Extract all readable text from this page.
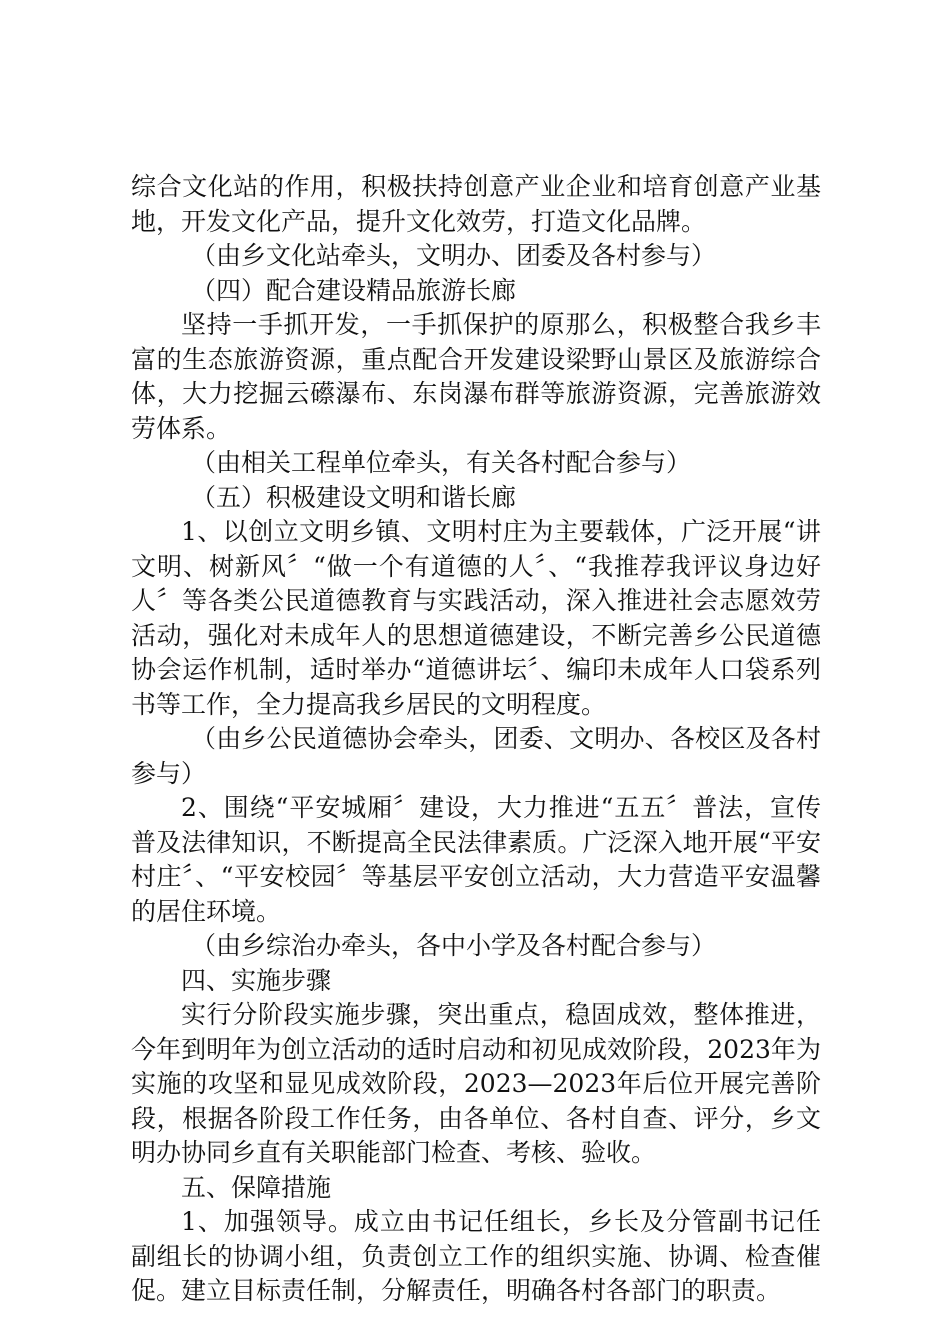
综合文化站的作用，积极扶持创意产业企业和培育创意产业基地，开发文化产品，提升文化效劳，打造文化品牌。

（由乡文化站牵头，文明办、团委及各村参与）

（四）配合建设精品旅游长廊

坚持一手抓开发，一手抓保护的原那么，积极整合我乡丰富的生态旅游资源，重点配合开发建设梁野山景区及旅游综合体，大力挖掘云礤瀑布、东岗瀑布群等旅游资源，完善旅游效劳体系。

（由相关工程单位牵头，有关各村配合参与）

（五）积极建设文明和谐长廊

1、以创立文明乡镇、文明村庄为主要载体，广泛开展“讲文明、树新风〞“做一个有道德的人〞、“我推荐我评议身边好人〞等各类公民道德教育与实践活动，深入推进社会志愿效劳活动，强化对未成年人的思想道德建设，不断完善乡公民道德协会运作机制，适时举办“道德讲坛〞、编印未成年人口袋系列书等工作，全力提高我乡居民的文明程度。

（由乡公民道德协会牵头，团委、文明办、各校区及各村参与）

2、围绕“平安城厢〞建设，大力推进“五五〞普法，宣传普及法律知识，不断提高全民法律素质。广泛深入地开展“平安村庄〞、“平安校园〞等基层平安创立活动，大力营造平安温馨的居住环境。

（由乡综治办牵头，各中小学及各村配合参与）

四、实施步骤

实行分阶段实施步骤，突出重点，稳固成效，整体推进，今年到明年为创立活动的适时启动和初见成效阶段，2023年为实施的攻坚和显见成效阶段，2023—2023年后位开展完善阶段，根据各阶段工作任务，由各单位、各村自查、评分，乡文明办协同乡直有关职能部门检查、考核、验收。

五、保障措施

1、加强领导。成立由书记任组长，乡长及分管副书记任副组长的协调小组，负责创立工作的组织实施、协调、检查催促。建立目标责任制，分解责任，明确各村各部门的职责。
